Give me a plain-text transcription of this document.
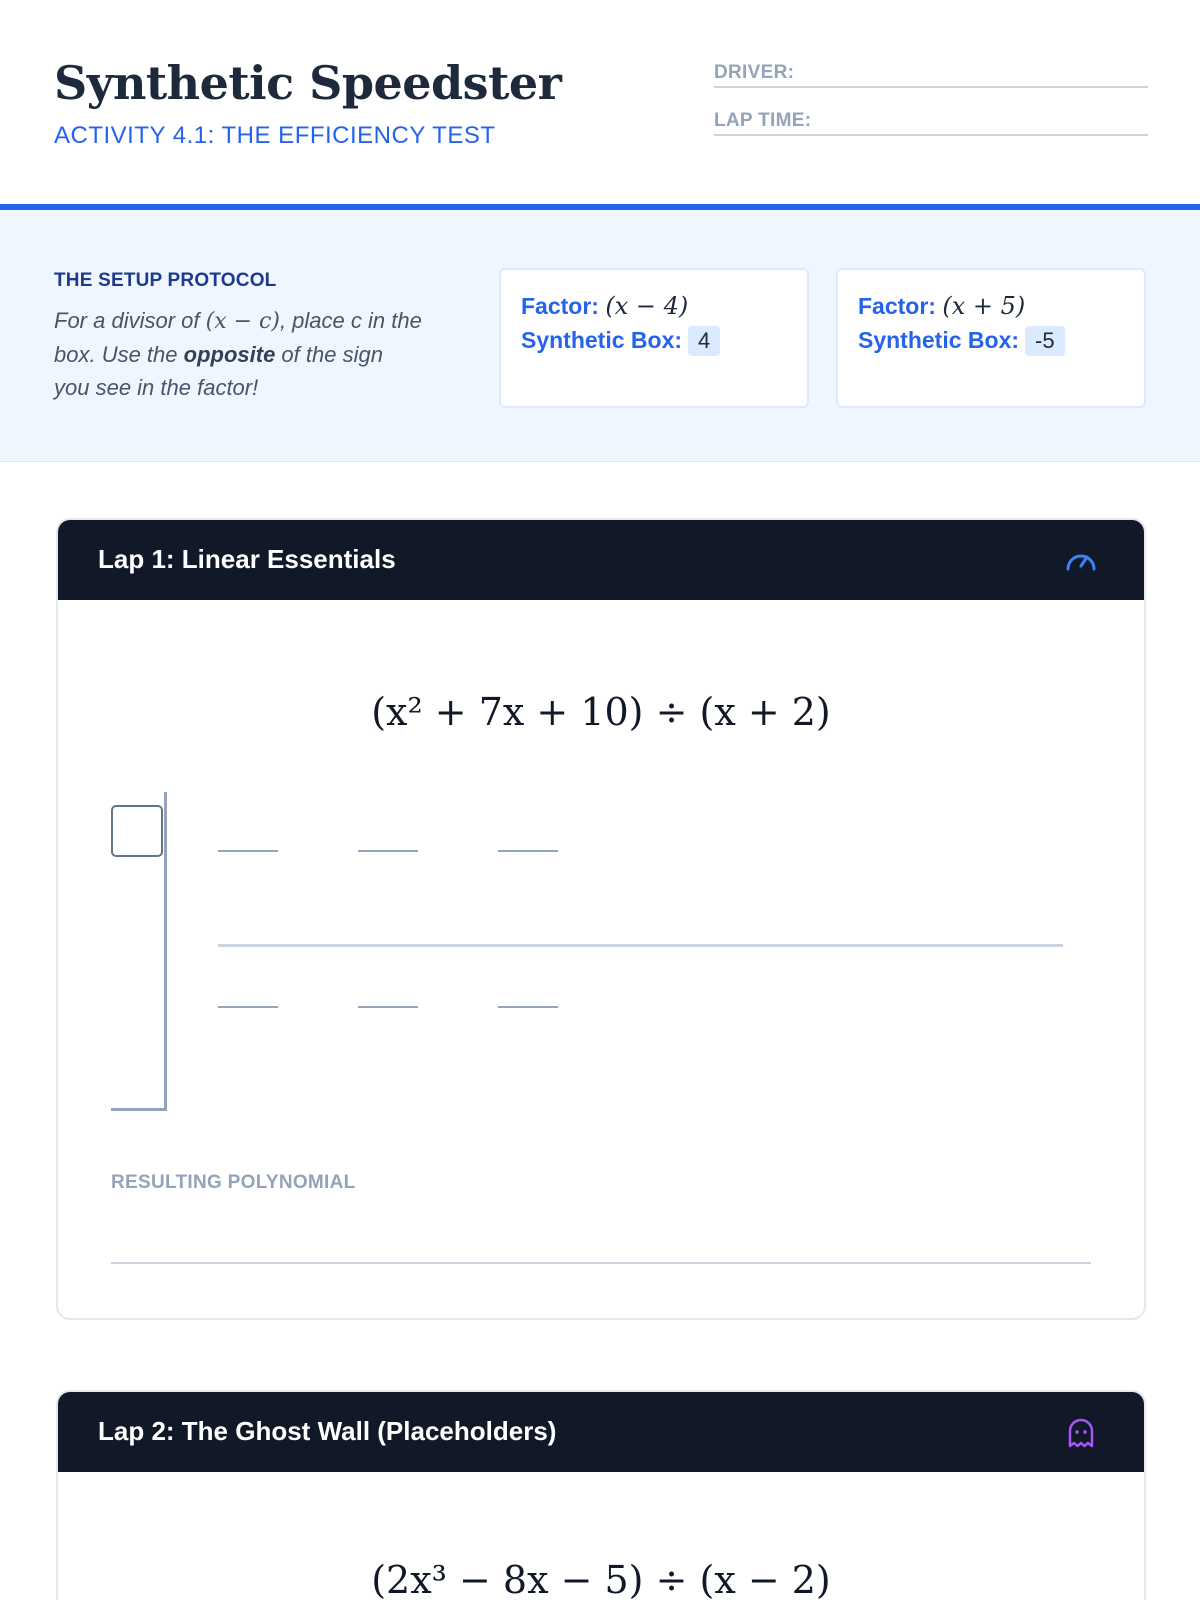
Synthetic Speedster
ACTIVITY 4.1: THE EFFICIENCY TEST
DRIVER:
LAP TIME:
THE SETUP PROTOCOL
For a divisor of (x − c), place c in the box. Use the opposite of the sign you see in the factor!
Factor: (x − 4)
Synthetic Box: 4
Factor: (x + 5)
Synthetic Box: -5
Lap 1: Linear Essentials
(x² + 7x + 10) ÷ (x + 2)
RESULTING POLYNOMIAL
Lap 2: The Ghost Wall (Placeholders)
(2x³ − 8x − 5) ÷ (x − 2)
